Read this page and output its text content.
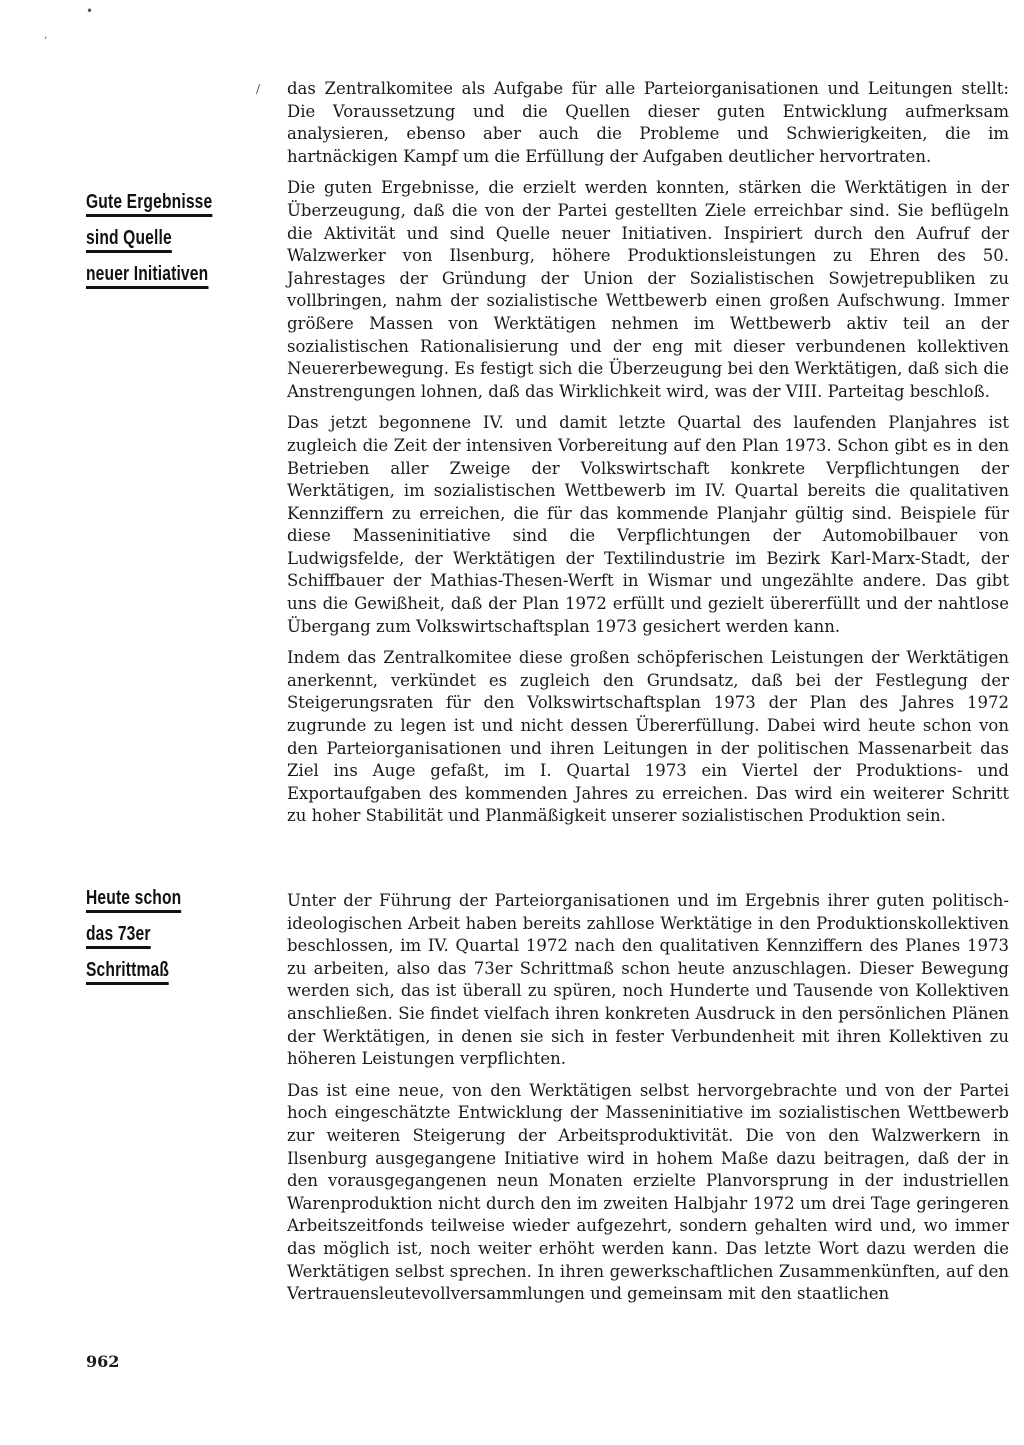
•
’
/
Gute Ergebnisse
sind Quelle
neuer Initiativen
Heute schon
das 73er
Schrittmaß

das Zentralkomitee als Aufgabe für alle Parteiorganisationen und Leitungen stellt: Die Voraussetzung und die Quellen dieser guten Entwicklung aufmerksam analysieren, ebenso aber auch die Probleme und Schwierigkeiten, die im hartnäckigen Kampf um die Erfüllung der Aufgaben deutlicher hervortraten.

Die guten Ergebnisse, die erzielt werden konnten, stärken die Werktätigen in der Überzeugung, daß die von der Partei gestellten Ziele erreichbar sind. Sie beflügeln die Aktivität und sind Quelle neuer Initiativen. Inspiriert durch den Aufruf der Walzwerker von Ilsenburg, höhere Produktionsleistungen zu Ehren des 50. Jahrestages der Gründung der Union der Sozialistischen Sowjetrepubliken zu vollbringen, nahm der sozialistische Wettbewerb einen großen Aufschwung. Immer größere Massen von Werktätigen nehmen im Wettbewerb aktiv teil an der sozialistischen Rationalisierung und der eng mit dieser verbundenen kollektiven Neuererbewegung. Es festigt sich die Überzeugung bei den Werktätigen, daß sich die Anstrengungen lohnen, daß das Wirklichkeit wird, was der VIII. Parteitag beschloß.

Das jetzt begonnene IV. und damit letzte Quartal des laufenden Planjahres ist zugleich die Zeit der intensiven Vorbereitung auf den Plan 1973. Schon gibt es in den Betrieben aller Zweige der Volkswirtschaft konkrete Verpflichtungen der Werktätigen, im sozialistischen Wettbewerb im IV. Quartal bereits die qualitativen Kennziffern zu erreichen, die für das kommende Planjahr gültig sind. Beispiele für diese Masseninitiative sind die Verpflichtungen der Automobilbauer von Ludwigsfelde, der Werktätigen der Textilindustrie im Bezirk Karl-Marx-Stadt, der Schiffbauer der Mathias-Thesen-Werft in Wismar und ungezählte andere. Das gibt uns die Gewißheit, daß der Plan 1972 erfüllt und gezielt übererfüllt und der nahtlose Übergang zum Volkswirtschaftsplan 1973 gesichert werden kann.

Indem das Zentralkomitee diese großen schöpferischen Leistungen der Werktätigen anerkennt, verkündet es zugleich den Grundsatz, daß bei der Festlegung der Steigerungsraten für den Volkswirtschaftsplan 1973 der Plan des Jahres 1972 zugrunde zu legen ist und nicht dessen Übererfüllung. Dabei wird heute schon von den Parteiorganisationen und ihren Leitungen in der politischen Massenarbeit das Ziel ins Auge gefaßt, im I. Quartal 1973 ein Viertel der Produktions- und Exportaufgaben des kommenden Jahres zu erreichen. Das wird ein weiterer Schritt zu hoher Stabilität und Planmäßigkeit unserer sozialistischen Produktion sein.

Unter der Führung der Parteiorganisationen und im Ergebnis ihrer guten politisch-ideologischen Arbeit haben bereits zahllose Werktätige in den Produktionskollektiven beschlossen, im IV. Quartal 1972 nach den qualitativen Kennziffern des Planes 1973 zu arbeiten, also das 73er Schrittmaß schon heute anzuschlagen. Dieser Bewegung werden sich, das ist überall zu spüren, noch Hunderte und Tausende von Kollektiven anschließen. Sie findet vielfach ihren konkreten Ausdruck in den persönlichen Plänen der Werktätigen, in denen sie sich in fester Verbundenheit mit ihren Kollektiven zu höheren Leistungen verpflichten.

Das ist eine neue, von den Werktätigen selbst hervorgebrachte und von der Partei hoch eingeschätzte Entwicklung der Masseninitiative im sozialistischen Wettbewerb zur weiteren Steigerung der Arbeitsproduktivität. Die von den Walzwerkern in Ilsenburg ausgegangene Initiative wird in hohem Maße dazu beitragen, daß der in den vorausgegangenen neun Monaten erzielte Planvorsprung in der industriellen Warenproduktion nicht durch den im zweiten Halbjahr 1972 um drei Tage geringeren Arbeitszeitfonds teilweise wieder aufgezehrt, sondern gehalten wird und, wo immer das möglich ist, noch weiter erhöht werden kann. Das letzte Wort dazu werden die Werktätigen selbst sprechen. In ihren gewerkschaftlichen Zusammenkünften, auf den Vertrauensleutevollversammlungen und gemeinsam mit den staatlichen

962
